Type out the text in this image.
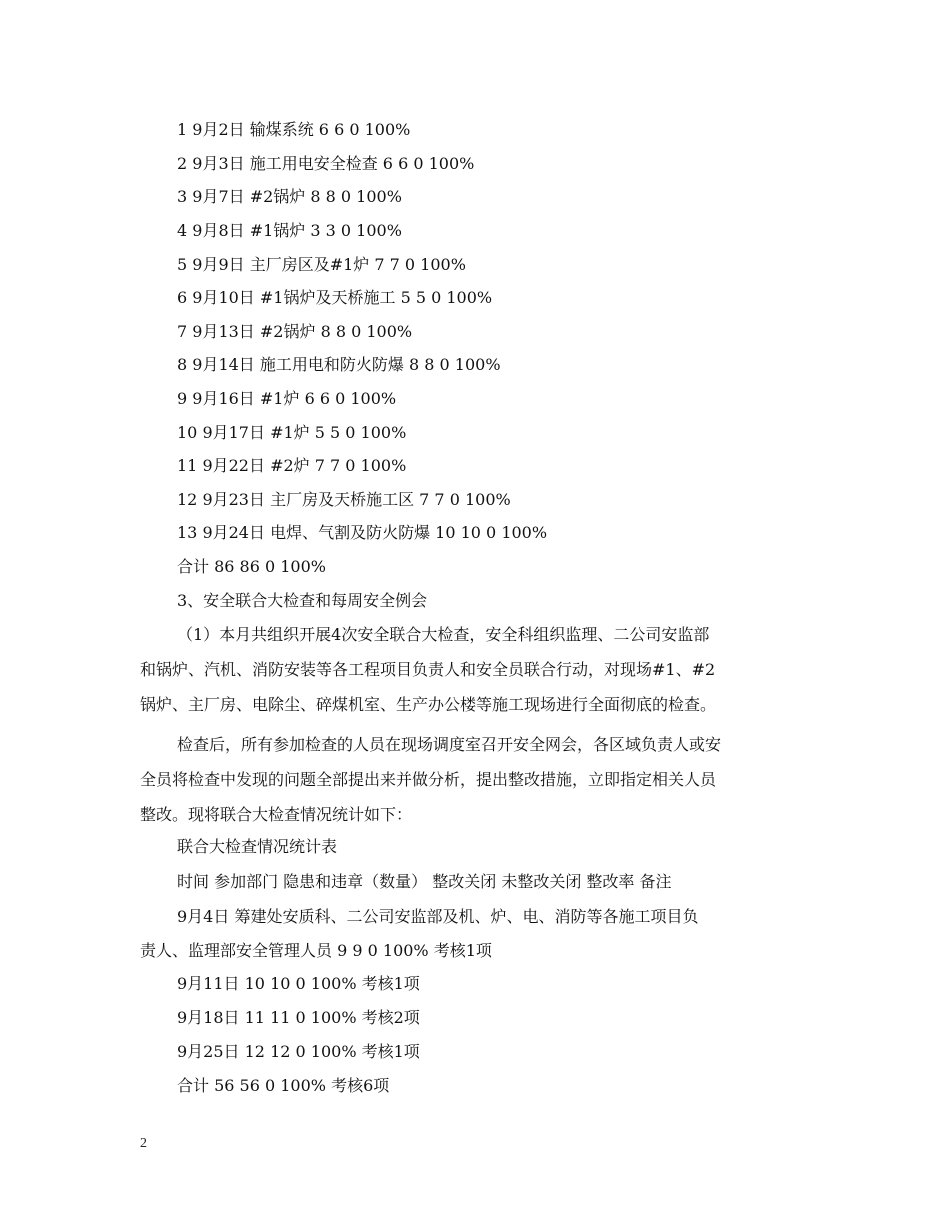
1 9月2日 输煤系统 6 6 0 100%
2 9月3日 施工用电安全检查 6 6 0 100%
3 9月7日 #2锅炉 8 8 0 100%
4 9月8日 #1锅炉 3 3 0 100%
5 9月9日 主厂房区及#1炉 7 7 0 100%
6 9月10日 #1锅炉及天桥施工 5 5 0 100%
7 9月13日 #2锅炉 8 8 0 100%
8 9月14日 施工用电和防火防爆 8 8 0 100%
9 9月16日 #1炉 6 6 0 100%
10 9月17日 #1炉 5 5 0 100%
11 9月22日 #2炉 7 7 0 100%
12 9月23日 主厂房及天桥施工区 7 7 0 100%
13 9月24日 电焊、气割及防火防爆 10 10 0 100%
合计 86 86 0 100%
3、安全联合大检查和每周安全例会
（1）本月共组织开展4次安全联合大检查，安全科组织监理、二公司安监部
和锅炉、汽机、消防安装等各工程项目负责人和安全员联合行动，对现场#1、#2
锅炉、主厂房、电除尘、碎煤机室、生产办公楼等施工现场进行全面彻底的检查。
检查后，所有参加检查的人员在现场调度室召开安全网会，各区域负责人或安
全员将检查中发现的问题全部提出来并做分析，提出整改措施，立即指定相关人员
整改。现将联合大检查情况统计如下：
联合大检查情况统计表
时间 参加部门 隐患和违章（数量） 整改关闭 未整改关闭 整改率 备注
9月4日 筹建处安质科、二公司安监部及机、炉、电、消防等各施工项目负
责人、监理部安全管理人员 9 9 0 100% 考核1项
9月11日 10 10 0 100% 考核1项
9月18日 11 11 0 100% 考核2项
9月25日 12 12 0 100% 考核1项
合计 56 56 0 100% 考核6项
2
